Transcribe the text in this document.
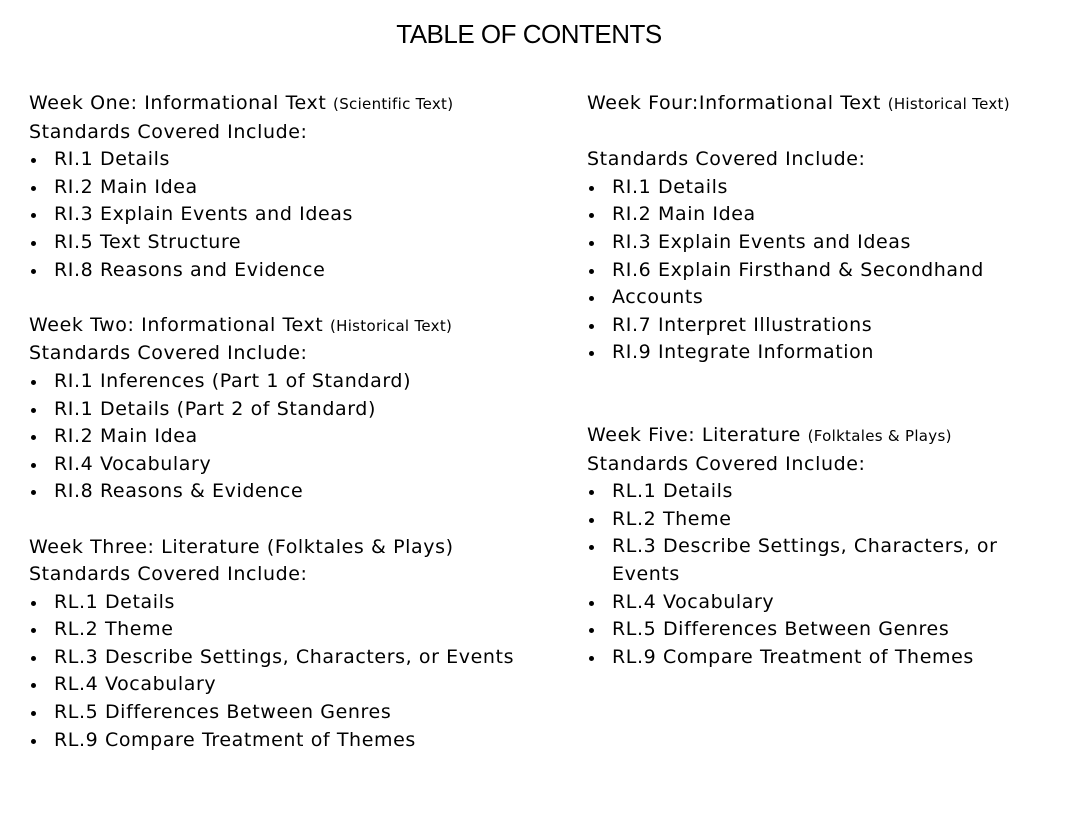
TABLE OF CONTENTS
Week One: Informational Text (Scientific Text)
Standards Covered Include:
RI.1 Details
RI.2 Main Idea
RI.3 Explain Events and Ideas
RI.5 Text Structure
RI.8 Reasons and Evidence
Week Two: Informational Text (Historical Text)
Standards Covered Include:
RI.1 Inferences (Part 1 of Standard)
RI.1 Details (Part 2 of Standard)
RI.2 Main Idea
RI.4 Vocabulary
RI.8 Reasons & Evidence
Week Three: Literature (Folktales & Plays)
Standards Covered Include:
RL.1 Details
RL.2 Theme
RL.3 Describe Settings, Characters, or Events
RL.4 Vocabulary
RL.5 Differences Between Genres
RL.9 Compare Treatment of Themes
Week Four:Informational Text (Historical Text)
Standards Covered Include:
RI.1 Details
RI.2 Main Idea
RI.3 Explain Events and Ideas
RI.6 Explain Firsthand & Secondhand
Accounts
RI.7 Interpret Illustrations
RI.9 Integrate Information
Week Five: Literature (Folktales & Plays)
Standards Covered Include:
RL.1 Details
RL.2 Theme
RL.3 Describe Settings, Characters, or Events
RL.4 Vocabulary
RL.5 Differences Between Genres
RL.9 Compare Treatment of Themes
